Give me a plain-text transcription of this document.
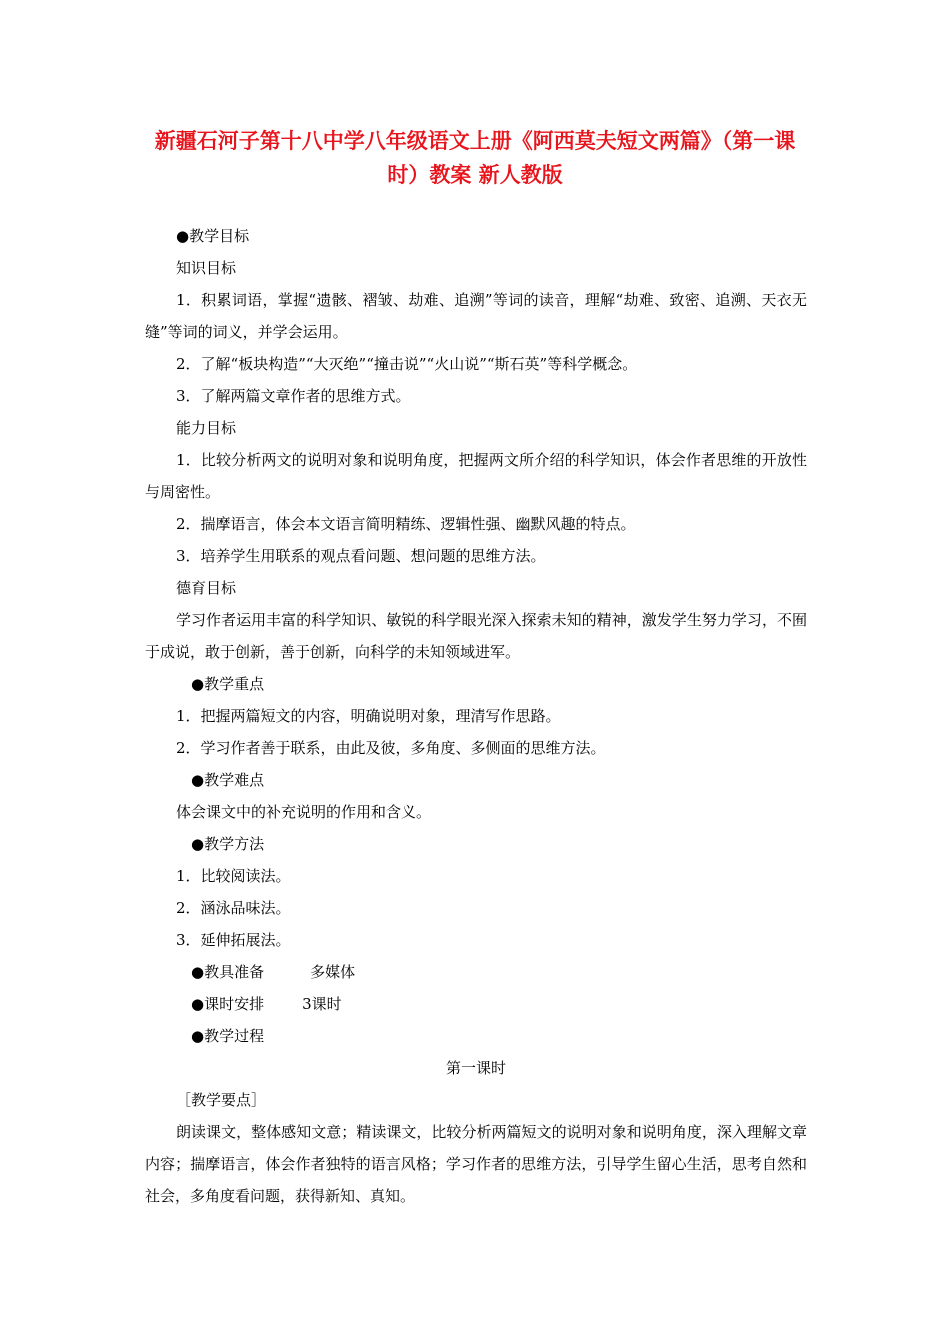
新疆石河子第十八中学八年级语文上册《阿西莫夫短文两篇》（第一课时）教案 新人教版
●教学目标
知识目标
1．积累词语，掌握“遗骸、褶皱、劫难、追溯”等词的读音，理解“劫难、致密、追溯、天衣无缝”等词的词义，并学会运用。
2．了解“板块构造”“大灭绝”“撞击说”“火山说”“斯石英”等科学概念。
3．了解两篇文章作者的思维方式。
能力目标
1．比较分析两文的说明对象和说明角度，把握两文所介绍的科学知识，体会作者思维的开放性与周密性。
2．揣摩语言，体会本文语言简明精练、逻辑性强、幽默风趣的特点。
3．培养学生用联系的观点看问题、想问题的思维方法。
德育目标
学习作者运用丰富的科学知识、敏锐的科学眼光深入探索未知的精神，激发学生努力学习，不囿于成说，敢于创新，善于创新，向科学的未知领域进军。
●教学重点
1．把握两篇短文的内容，明确说明对象，理清写作思路。
2．学习作者善于联系，由此及彼，多角度、多侧面的思维方法。
●教学难点
体会课文中的补充说明的作用和含义。
●教学方法
1．比较阅读法。
2．涵泳品味法。
3．延伸拓展法。
●教具准备	多媒体
●课时安排	3课时
●教学过程
第一课时
［教学要点］
朗读课文，整体感知文意；精读课文，比较分析两篇短文的说明对象和说明角度，深入理解文章内容；揣摩语言，体会作者独特的语言风格；学习作者的思维方法，引导学生留心生活，思考自然和社会，多角度看问题，获得新知、真知。
